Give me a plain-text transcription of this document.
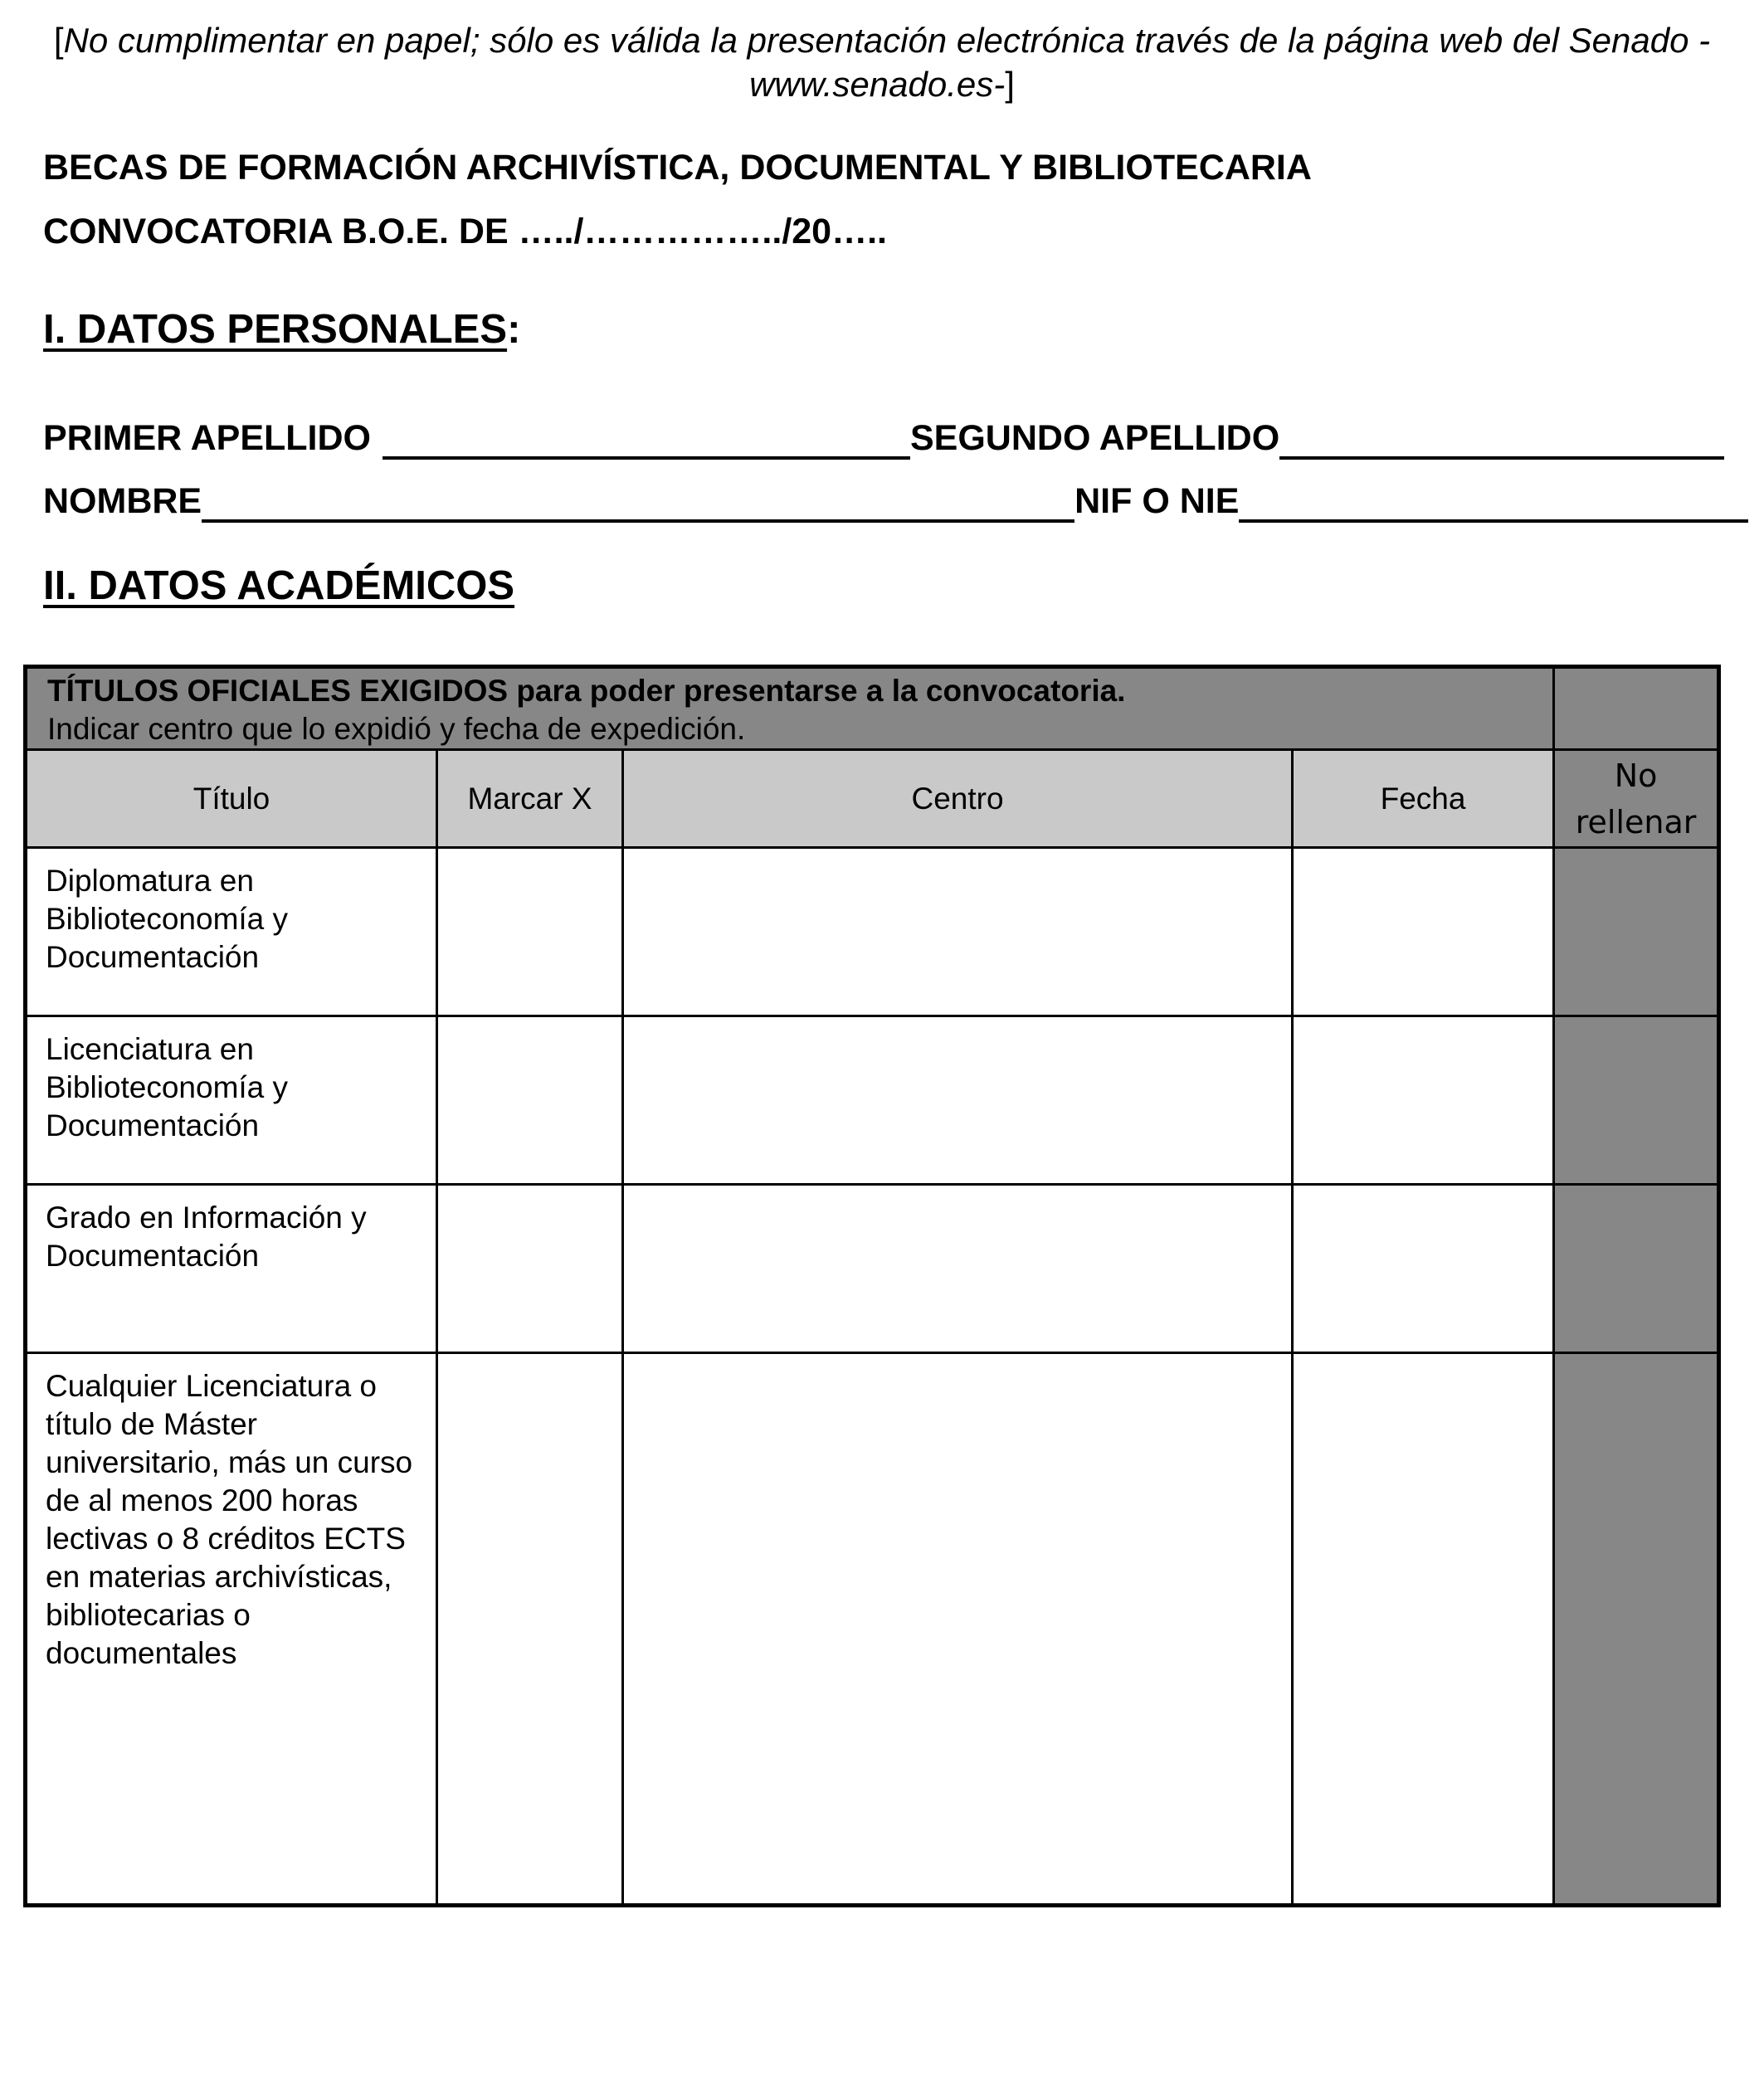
[No cumplimentar en papel; sólo es válida la presentación electrónica través de la página web del Senado -www.senado.es-]
BECAS DE FORMACIÓN ARCHIVÍSTICA, DOCUMENTAL Y BIBLIOTECARIA
CONVOCATORIA B.O.E. DE …../……………../20…..
I. DATOS PERSONALES:
PRIMER APELLIDO	SEGUNDO APELLIDO
NOMBRE	NIF O NIE
II. DATOS ACADÉMICOS
TÍTULOS OFICIALES EXIGIDOS para poder presentarse a la convocatoria.
Indicar centro que lo expidió y fecha de expedición.				
Título	Marcar X	Centro	Fecha	No rellenar
Diplomatura en Biblioteconomía y Documentación				
Licenciatura en Biblioteconomía y Documentación				
Grado en Información y Documentación				
Cualquier Licenciatura o título de Máster universitario, más un curso de al menos 200 horas lectivas o 8 créditos ECTS en materias archivísticas, bibliotecarias o documentales				
